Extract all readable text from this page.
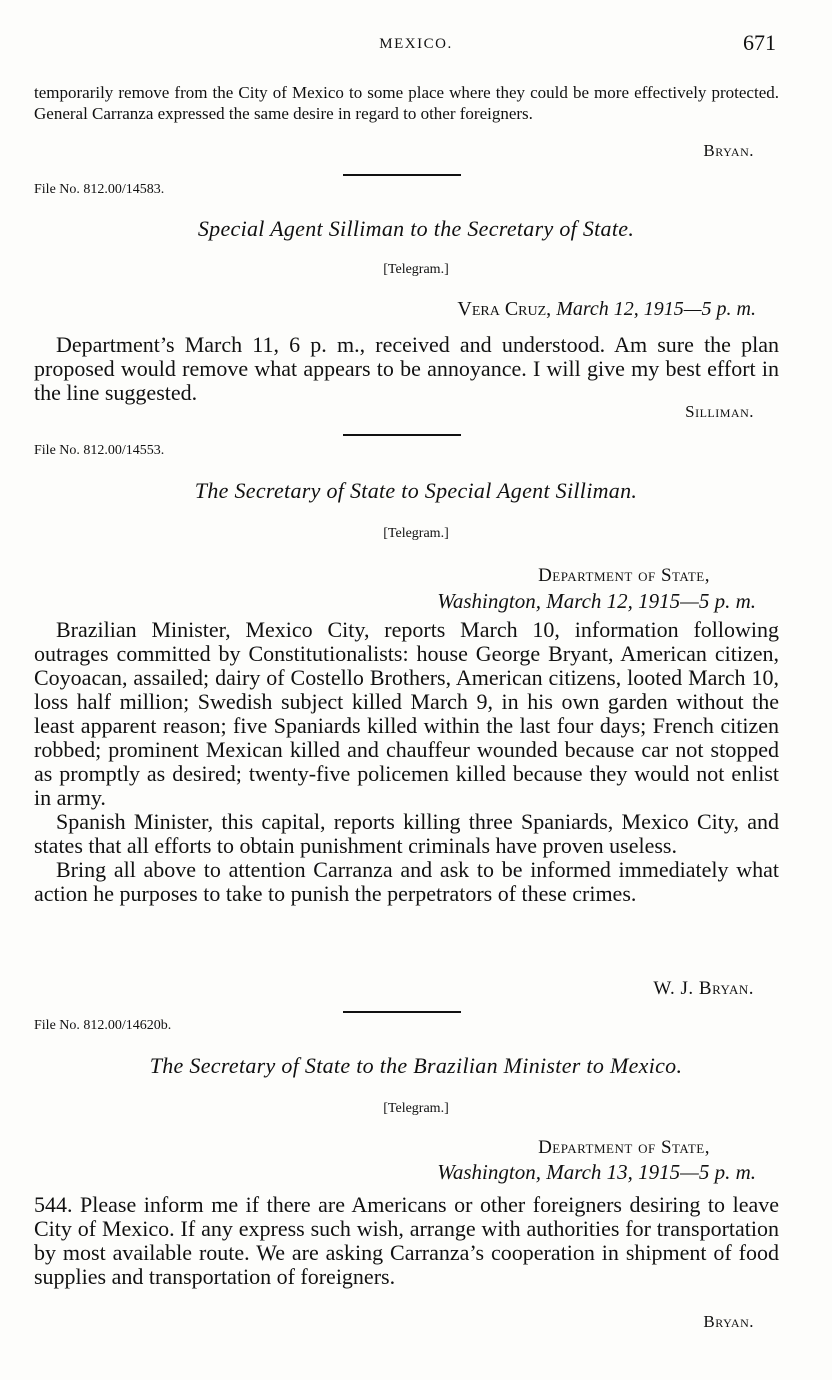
MEXICO.	671

temporarily remove from the City of Mexico to some place where they could be more effectively protected. General Carranza expressed the same desire in regard to other foreigners.

Bryan.
File No. 812.00/14583.
Special Agent Silliman to the Secretary of State.
[Telegram.]
Vera Cruz, March 12, 1915—5 p. m.

Department’s March 11, 6 p. m., received and understood. Am sure the plan proposed would remove what appears to be annoyance. I will give my best effort in the line suggested.

Silliman.
File No. 812.00/14553.
The Secretary of State to Special Agent Silliman.
[Telegram.]
Department of State,
Washington, March 12, 1915—5 p. m.

Brazilian Minister, Mexico City, reports March 10, information following outrages committed by Constitutionalists: house George Bryant, American citizen, Coyoacan, assailed; dairy of Costello Brothers, American citizens, looted March 10, loss half million; Swedish subject killed March 9, in his own garden without the least apparent reason; five Spaniards killed within the last four days; French citizen robbed; prominent Mexican killed and chauffeur wounded because car not stopped as promptly as desired; twenty-five policemen killed because they would not enlist in army.

Spanish Minister, this capital, reports killing three Spaniards, Mexico City, and states that all efforts to obtain punishment criminals have proven useless.

Bring all above to attention Carranza and ask to be informed immediately what action he purposes to take to punish the perpetrators of these crimes.

W. J. Bryan.
File No. 812.00/14620b.
The Secretary of State to the Brazilian Minister to Mexico.
[Telegram.]
Department of State,
Washington, March 13, 1915—5 p. m.

544. Please inform me if there are Americans or other foreigners desiring to leave City of Mexico. If any express such wish, arrange with authorities for transportation by most available route. We are asking Carranza’s cooperation in shipment of food supplies and transportation of foreigners.

Bryan.
